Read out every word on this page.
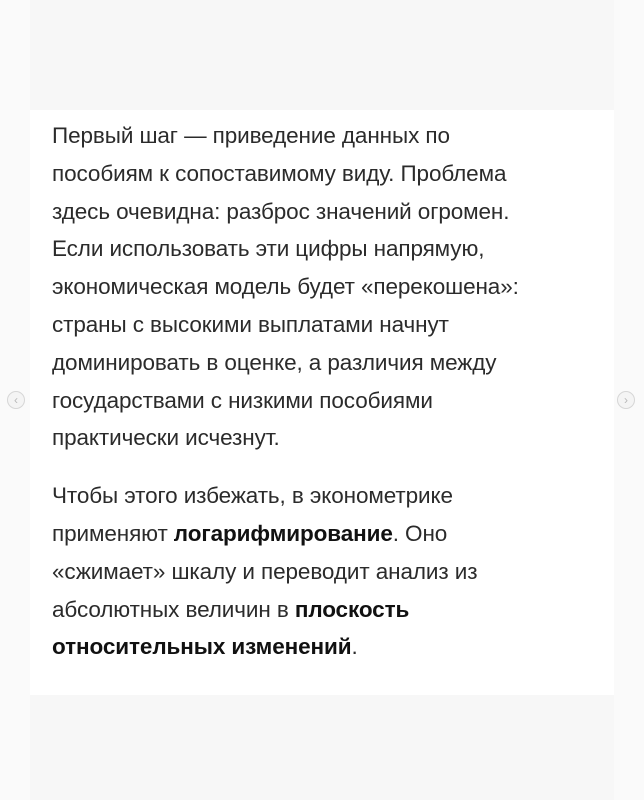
Первый шаг — приведение данных по
пособиям к сопоставимому виду. Проблема
здесь очевидна: разброс значений огромен.
Если использовать эти цифры напрямую,
экономическая модель будет «перекошена»:
страны с высокими выплатами начнут
доминировать в оценке, а различия между
государствами с низкими пособиями
практически исчезнут.

Чтобы этого избежать, в эконометрике
применяют логарифмирование. Оно
«сжимает» шкалу и переводит анализ из
абсолютных величин в плоскость
относительных изменений.

‹	›
